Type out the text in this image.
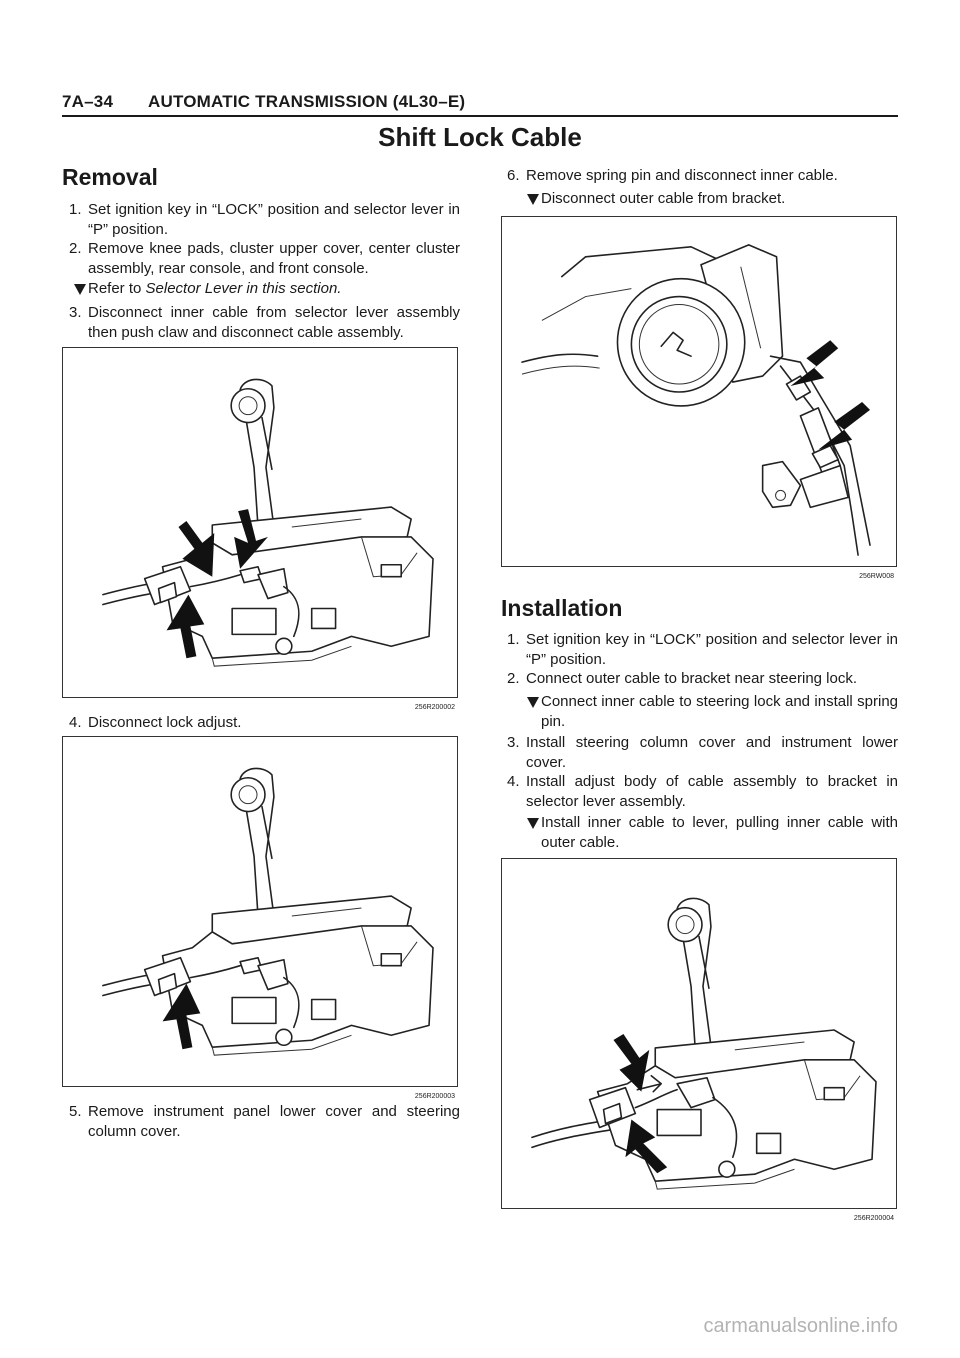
7A–34 AUTOMATIC TRANSMISSION (4L30–E)
Shift Lock Cable
Removal
1. Set ignition key in “LOCK” position and selector lever in “P” position.
2. Remove knee pads, cluster upper cover, center cluster assembly, rear console, and front console.
Refer to Selector Lever in this section.
3. Disconnect inner cable from selector lever assembly then push claw and disconnect cable assembly.
256R200002
4. Disconnect lock adjust.
256R200003
5. Remove instrument panel lower cover and steering column cover.
6. Remove spring pin and disconnect inner cable.
Disconnect outer cable from bracket.
256RW008
Installation
1. Set ignition key in “LOCK” position and selector lever in “P” position.
2. Connect outer cable to bracket near steering lock.
Connect inner cable to steering lock and install spring pin.
3. Install steering column cover and instrument lower cover.
4. Install adjust body of cable assembly to bracket in selector lever assembly.
Install inner cable to lever, pulling inner cable with outer cable.
256R200004
carmanualsonline.info
